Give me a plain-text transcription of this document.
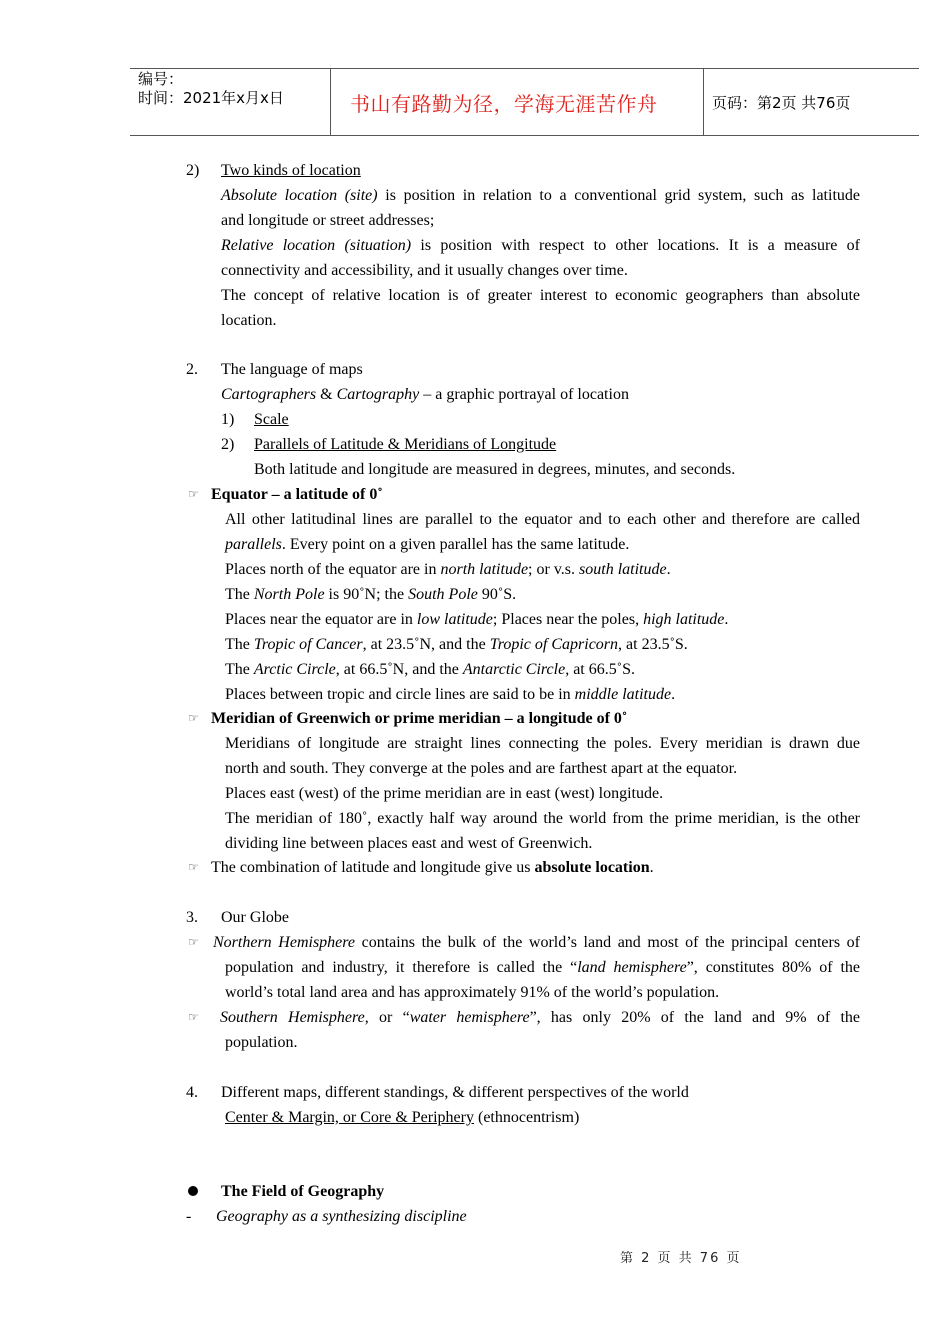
编号：
时间：2021年x月x日	书山有路勤为径，学海无涯苦作舟	页码：第2页 共76页
2) Two kinds of location
Absolute location (site) is position in relation to a conventional grid system, such as latitude
and longitude or street addresses;
Relative location (situation) is position with respect to other locations. It is a measure of
connectivity and accessibility, and it usually changes over time.
The concept of relative location is of greater interest to economic geographers than absolute
location.
2. The language of maps
Cartographers & Cartography – a graphic portrayal of location
1) Scale
2) Parallels of Latitude & Meridians of Longitude
Both latitude and longitude are measured in degrees, minutes, and seconds.
☞ Equator – a latitude of 0˚
All other latitudinal lines are parallel to the equator and to each other and therefore are called
parallels. Every point on a given parallel has the same latitude.
Places north of the equator are in north latitude; or v.s. south latitude.
The North Pole is 90˚N; the South Pole 90˚S.
Places near the equator are in low latitude; Places near the poles, high latitude.
The Tropic of Cancer, at 23.5˚N, and the Tropic of Capricorn, at 23.5˚S.
The Arctic Circle, at 66.5˚N, and the Antarctic Circle, at 66.5˚S.
Places between tropic and circle lines are said to be in middle latitude.
☞ Meridian of Greenwich or prime meridian – a longitude of 0˚
Meridians of longitude are straight lines connecting the poles. Every meridian is drawn due
north and south. They converge at the poles and are farthest apart at the equator.
Places east (west) of the prime meridian are in east (west) longitude.
The meridian of 180˚, exactly half way around the world from the prime meridian, is the other
dividing line between places east and west of Greenwich.
☞ The combination of latitude and longitude give us absolute location.
3. Our Globe
☞ Northern Hemisphere contains the bulk of the world’s land and most of the principal centers of
population and industry, it therefore is called the “land hemisphere”, constitutes 80% of the
world’s total land area and has approximately 91% of the world’s population.
☞ Southern Hemisphere, or “water hemisphere”, has only 20% of the land and 9% of the
population.
4. Different maps, different standings, & different perspectives of the world
Center & Margin, or Core & Periphery (ethnocentrism)
The Field of Geography
- Geography as a synthesizing discipline
第 2 页 共 76 页
